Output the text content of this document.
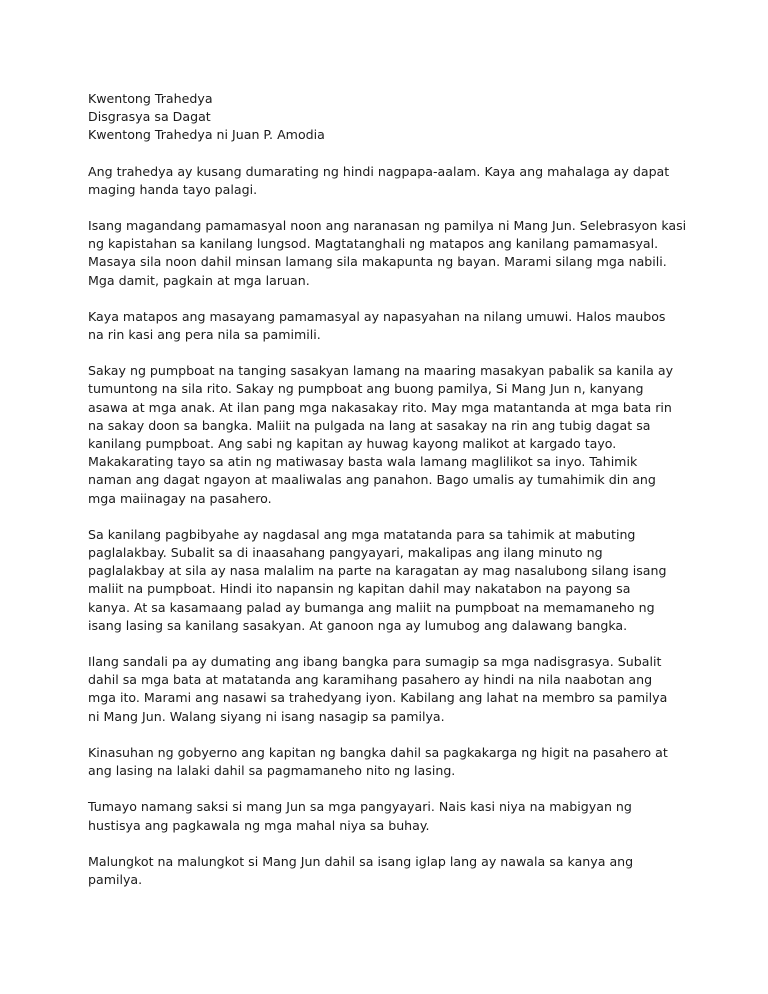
Kwentong Trahedya
Disgrasya sa Dagat
Kwentong Trahedya ni Juan P. Amodia
Ang trahedya ay kusang dumarating ng hindi nagpapa-aalam. Kaya ang mahalaga ay dapat
maging handa tayo palagi.
Isang magandang pamamasyal noon ang naranasan ng pamilya ni Mang Jun. Selebrasyon kasi
ng kapistahan sa kanilang lungsod. Magtatanghali ng matapos ang kanilang pamamasyal.
Masaya sila noon dahil minsan lamang sila makapunta ng bayan. Marami silang mga nabili.
Mga damit, pagkain at mga laruan.
Kaya matapos ang masayang pamamasyal ay napasyahan na nilang umuwi. Halos maubos
na rin kasi ang pera nila sa pamimili.
Sakay ng pumpboat na tanging sasakyan lamang na maaring masakyan pabalik sa kanila ay
tumuntong na sila rito. Sakay ng pumpboat ang buong pamilya, Si Mang Jun n, kanyang
asawa at mga anak. At ilan pang mga nakasakay rito. May mga matantanda at mga bata rin
na sakay doon sa bangka. Maliit na pulgada na lang at sasakay na rin ang tubig dagat sa
kanilang pumpboat. Ang sabi ng kapitan ay huwag kayong malikot at kargado tayo.
Makakarating tayo sa atin ng matiwasay basta wala lamang maglilikot sa inyo. Tahimik
naman ang dagat ngayon at maaliwalas ang panahon. Bago umalis ay tumahimik din ang
mga maiinagay na pasahero.
Sa kanilang pagbibyahe ay nagdasal ang mga matatanda para sa tahimik at mabuting
paglalakbay. Subalit sa di inaasahang pangyayari, makalipas ang ilang minuto ng
paglalakbay at sila ay nasa malalim na parte na karagatan ay mag nasalubong silang isang
maliit na pumpboat. Hindi ito napansin ng kapitan dahil may nakatabon na payong sa
kanya. At sa kasamaang palad ay bumanga ang maliit na pumpboat na memamaneho ng
isang lasing sa kanilang sasakyan. At ganoon nga ay lumubog ang dalawang bangka.
Ilang sandali pa ay dumating ang ibang bangka para sumagip sa mga nadisgrasya. Subalit
dahil sa mga bata at matatanda ang karamihang pasahero ay hindi na nila naabotan ang
mga ito. Marami ang nasawi sa trahedyang iyon. Kabilang ang lahat na membro sa pamilya
ni Mang Jun. Walang siyang ni isang nasagip sa pamilya.
Kinasuhan ng gobyerno ang kapitan ng bangka dahil sa pagkakarga ng higit na pasahero at
ang lasing na lalaki dahil sa pagmamaneho nito ng lasing.
Tumayo namang saksi si mang Jun sa mga pangyayari. Nais kasi niya na mabigyan ng
hustisya ang pagkawala ng mga mahal niya sa buhay.
Malungkot na malungkot si Mang Jun dahil sa isang iglap lang ay nawala sa kanya ang
pamilya.
